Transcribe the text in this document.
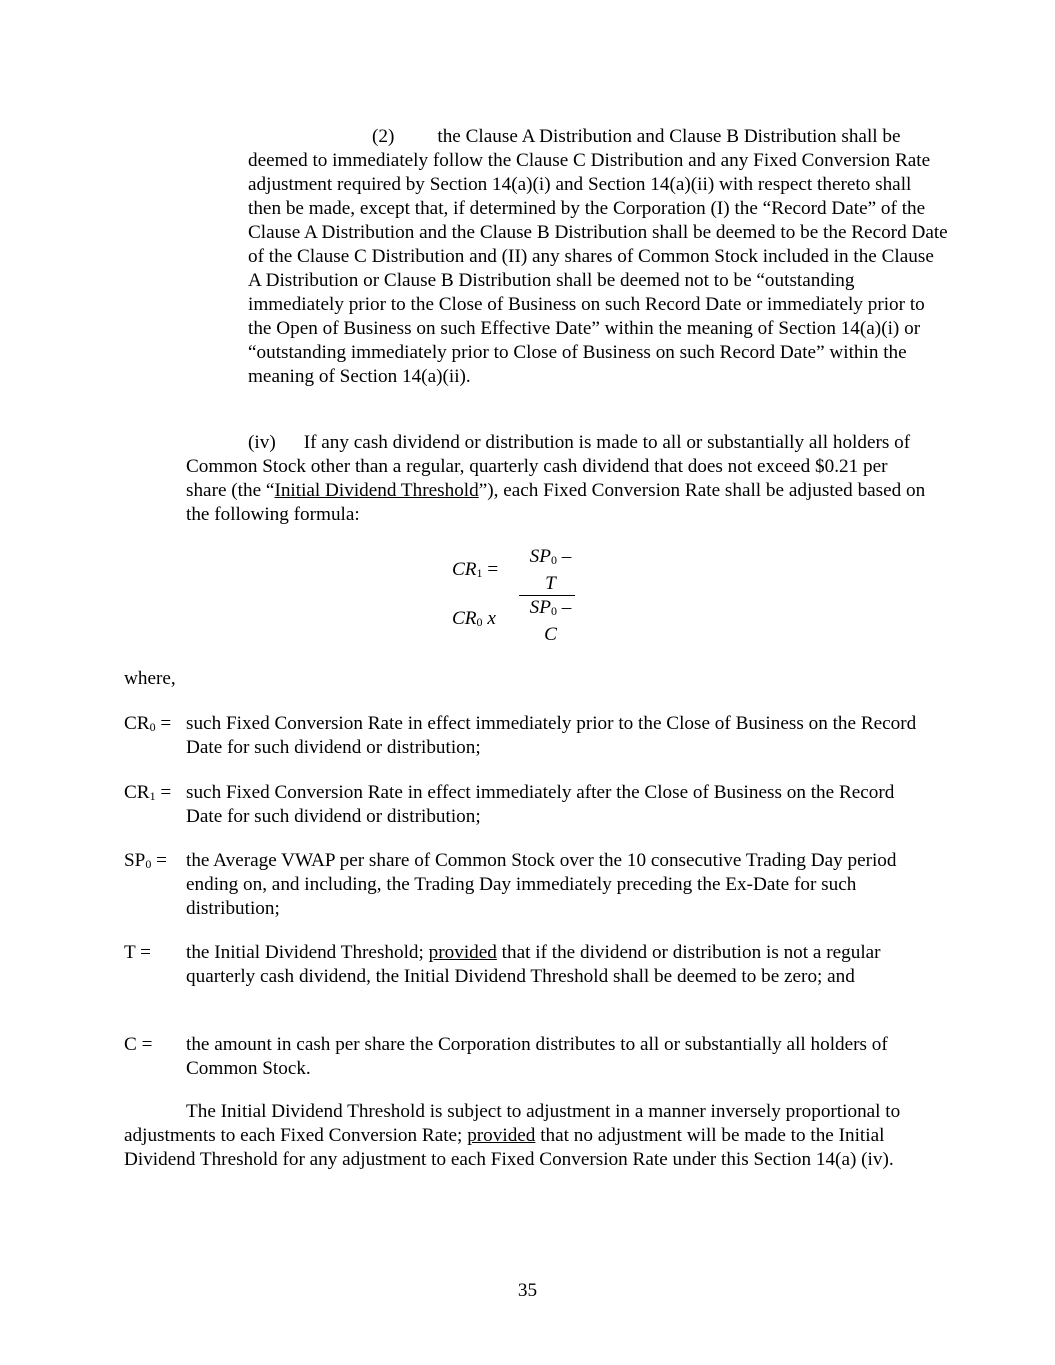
(2) the Clause A Distribution and Clause B Distribution shall be deemed to immediately follow the Clause C Distribution and any Fixed Conversion Rate adjustment required by Section 14(a)(i) and Section 14(a)(ii) with respect thereto shall then be made, except that, if determined by the Corporation (I) the “Record Date” of the Clause A Distribution and the Clause B Distribution shall be deemed to be the Record Date of the Clause C Distribution and (II) any shares of Common Stock included in the Clause A Distribution or Clause B Distribution shall be deemed not to be “outstanding immediately prior to the Close of Business on such Record Date or immediately prior to the Open of Business on such Effective Date” within the meaning of Section 14(a)(i) or “outstanding immediately prior to Close of Business on such Record Date” within the meaning of Section 14(a)(ii).

(iv) If any cash dividend or distribution is made to all or substantially all holders of Common Stock other than a regular, quarterly cash dividend that does not exceed $0.21 per share (the “Initial Dividend Threshold”), each Fixed Conversion Rate shall be adjusted based on the following formula:

$CR_1$ =
$CR_0$ x
$SP_0$ –
T
$SP_0$ –
C
where,
$CR_0$ = such Fixed Conversion Rate in effect immediately prior to the Close of Business on the Record Date for such dividend or distribution;
$CR_1$ = such Fixed Conversion Rate in effect immediately after the Close of Business on the Record Date for such dividend or distribution;
$SP_0$ = the Average VWAP per share of Common Stock over the 10 consecutive Trading Day period ending on, and including, the Trading Day immediately preceding the Ex-Date for such distribution;
T =	the Initial Dividend Threshold; provided that if the dividend or distribution is not a regular quarterly cash dividend, the Initial Dividend Threshold shall be deemed to be zero; and
C =	the amount in cash per share the Corporation distributes to all or substantially all holders of Common Stock.

The Initial Dividend Threshold is subject to adjustment in a manner inversely proportional to adjustments to each Fixed Conversion Rate; provided that no adjustment will be made to the Initial Dividend Threshold for any adjustment to each Fixed Conversion Rate under this Section 14(a) (iv).

35
